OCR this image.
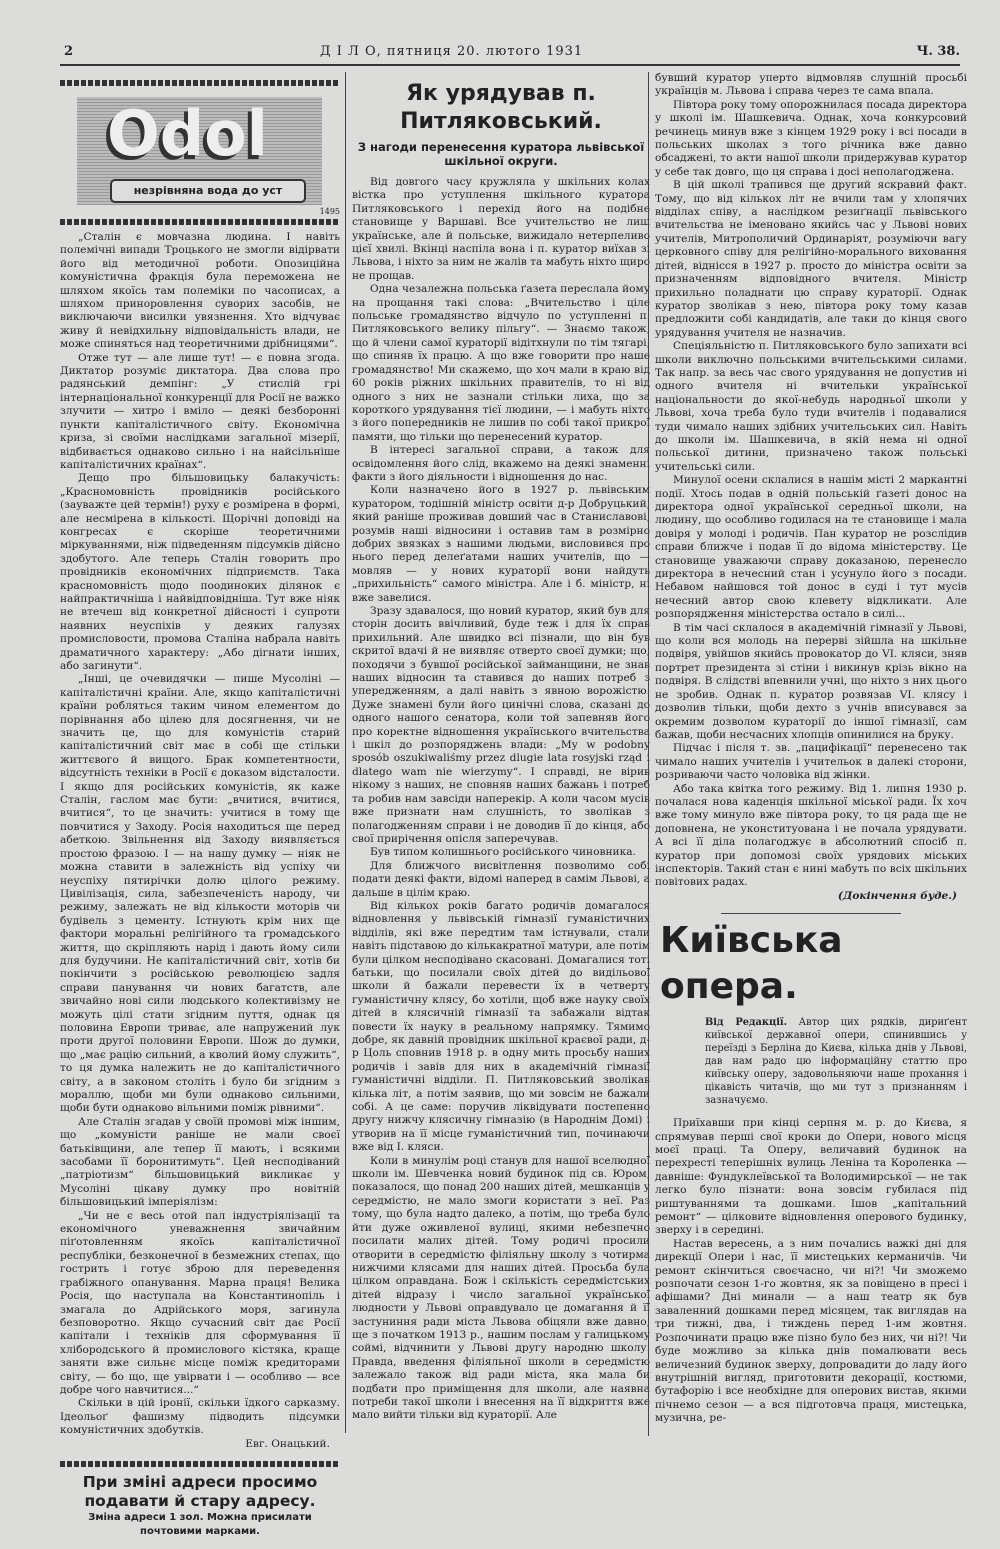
2	Д І Л О, пятниця 20. лютого 1931	Ч. 38.
Odol
незрівняна вода до уст
1495

„Сталін є мовчазна людина. І навіть полемічні випади Троцького не змогли відірвати його від методичної роботи. Опозиційна комуністична фракція була переможена не шляхом якоїсь там полеміки по часописах, а шляхом приноровлення суворих засобів, не виключаючи висилки увязнення. Хто відчуває живу й невідхильну відповідальність влади, не може спиняться над теоретичними дрібницями“.

Отже тут — але лише тут! — є повна згода. Диктатор розуміє диктатора. Два слова про радянський демпінг: „У стислій грі інтернаціональної конкуренції для Росії не важко злучити — хитро і вміло — деякі безборонні пункти капіталістичного світу. Економічна криза, зі своїми наслідками загальної мізерії, відбивається однаково сильно і на найсільніше капіталістичних країнах“.

Дещо про більшовицьку балакучість: „Красномовність провідників російського (зауважте цей термін!) руху є розмірена в формі, але несмірена в кількості. Щорічні доповіді на конгресах є скоріше теоретичними міркуваннями, ніж підведенням підсумків дійсно здобутого. Але теперь Сталін говорить про провідників економічних підприємств. Така красномовність щодо поодиноких ділянок є найпрактичніша і найвідповідніша. Тут вже ніяк не втечеш від конкретної дійсності і супроти наявних неуспіхів у деяких галузях промисловости, промова Сталіна набрала навіть драматичного характеру: „Або дігнати інших, або загинути“.

„Інші, це очевидячки — пише Мусоліні — капіталістичні країни. Але, якщо капіталістичні країни робляться таким чином елементом до порівнання або цілею для досягнення, чи не значить це, що для комуністів старий капіталістичний світ має в собі ще стільки життєвого й вищого. Брак компетентности, відсутність техніки в Росії є доказом відсталости. І якщо для російських комуністів, як каже Сталін, гаслом має бути: „вчитися, вчитися, вчитися“, то це значить: учитися в тому ще повчитися у Заходу. Росія находиться ще перед абеткою. Звільнення від Заходу виявляється простою фразою. І — на нашу думку — ніяк не можна ставити в залежність від успіху чи неуспіху пятирічки долю цілого режиму. Цивілізація, сила, забезпеченість народу, чи режиму, залежать не від кількости моторів чи будівель з цементу. Істнують крім них ще фактори моральні релігійного та громадського життя, що скріпляють нарід і дають йому сили для будучини. Не капіталістичний світ, хотів би покінчити з російською революцією задля справи панування чи нових багатств, але звичайно нові сили людського колективізму не можуть цілі стати згідним пуття, однак ця половина Европи триває, але напружений лук проти другої половини Европи. Шож до думки, що „має рацію сильний, а кволий йому служить“, то ця думка належить не до капіталістичного світу, а в законом століть і було би згідним з мораллю, щоби ми були однаково сильними, щоби бути однаково вільними поміж рівними“.

Але Сталін згадав у своїй промові між іншим, що „комуністи раніше не мали своєї батьківщини, але тепер її мають, і всякими засобами її боронитимуть“. Цей несподіваний „патріотизм“ більшовицький викликає у Мусоліні цікаву думку про новітній більшовицький імперіялізм:

„Чи не є весь отой пал індустріялізації та економічного уневажнення звичайним піґотовленням якоїсь капіталістичної республіки, безконечної в безмежних степах, що гострить і готує зброю для переведення грабіжного опанування. Марна праця! Велика Росія, що наступала на Константинопіль і змагала до Адрійського моря, загинула безповоротно. Якщо сучасний світ дає Росії капітали і техніків для сформування її хлібородського й промислового кістяка, краще заняти вже сильнє місце поміж кредиторами світу, — бо що, ще увірвати і — особливо — все добре чого навчитися...“

Скільки в цій іронії, скільки їдкого сарказму. Ідеольоґ фашизму підводить підсумки комуністичних здобутків.

Евг. Онацький.

При зміні адреси просимо подавати й стару адресу.
Зміна адреси 1 зол. Можна присилати почтовими марками.
Як урядував п. Питляковський.
З нагоди перенесення куратора львівської шкільної округи.

Від довгого часу кружляла у шкільних колах вістка про уступлення шкільного куратора Питляковського і перехід його на подібне становище у Варшаві. Все учительство не лиш українське, але й польське, вижидало нетерпеливо цієї хвилі. Вкінці наспіла вона і п. куратор виїхав зі Львова, і ніхто за ним не жалів та мабуть ніхто щиро не прощав.

Одна чезалежна польська ґазета переслала йому на прощання такі слова: „Вчительство і ціле польське громадянство відчуло по уступленні п. Питляковського велику пільгу“. — Знаємо також, що й члени самої кураторії відітхнули по тім тягарі, що спиняв їх працю. А що вже говорити про наше громадянство! Ми скажемо, що хоч мали в краю від 60 років ріжних шкільних правителів, то ні від одного з них не зазнали стільки лиха, що за короткого урядування тієї людини, — і мабуть ніхто з його попередників не лишив по собі такої прикрої памяти, що тільки що перенесений куратор.

В інтересі загальної справи, а також для освідомлення його слід, вкажемо на деякі знаменні факти з його діяльности і відношення до нас.

Коли назначено його в 1927 р. львівським куратором, тодішній міністр освіти д-р Добруцький, який раніше проживав довший час в Станиславові, розумів наші відносини і оставив там в розмірно добрих звязках з нашими людьми, висловився про нього перед делеґатами наших учителів, що — мовляв — у нових кураторії вони найдуть „прихильність“ самого міністра. Але і б. міністр, ні вже завелися.

Зразу здавалося, що новий куратор, який був для сторін досить ввічливий, буде теж і для їх справ прихильний. Але швидко всі пізнали, що він був скритої вдачі й не виявляє отверто своєї думки; що, походячи з бувшої російської займанщини, не знав наших відносин та ставився до наших потреб з упередженням, а далі навіть з явною ворожістю. Дуже знамені були його цинічні слова, сказані до одного нашого сенатора, коли той запевняв його про коректне відношення українського вчительства і шкіл до розпоряджень влади: „My w podobny sposób oszukiwaliśmy przez dlugie lata rosyjski rząd i dlatego wam nie wierzymy“. І справді, не вірив нікому з наших, не сповняв наших бажань і потреб та робив нам завсіди наперекір. А коли часом мусів вже признати нам слушність, то зволікав з полагодженням справи і не доводив її до кінця, або свої прирічення опісля заперечував.

Був типом колишнього російського чиновника.

Для ближчого висвітлення позволимо собі подати деякі факти, відомі наперед в самім Львові, а дальше в цілім краю.

Від кількох років багато родичів домагалося відновлення у львівській гімназії гуманістичних відділів, які вже передтим там істнували, стали навіть підставою до кількакратної матури, але потім були цілком несподівано скасовані. Домагалися тоті батьки, що посилали своїх дітей до видільової школи й бажали перевести їх в четверту гуманістичну клясу, бо хотіли, щоб вже науку своїх дітей в клясичній гімназії та забажали відтак повести їх науку в реальному напрямку. Тямимо добре, як давній провідник шкільної краєвої ради, д-р Цоль сповнив 1918 р. в одну мить просьбу наших родичів і завів для них в академічній гімназії гуманістичні відділи. П. Питляковський зволікав кілька літ, а потім заявив, що ми зовсім не бажали собі. А це саме: поручив ліквідувати постепенно другу нижчу клясичну гімназію (в Народнім Домі) і утворив на її місце гуманістичний тип, починаючи вже від І. кляси.

Коли в минулім році станув для нашої вселюдної школи ім. Шевченка новий будинок під св. Юром, показалося, що понад 200 наших дітей, мешканців у середмістю, не мало змоги користати з неї. Раз тому, що була надто далеко, а потім, що треба було йти дуже оживленої вулиці, якими небезпечно посилати малих дітей. Тому родичі просили отворити в середмістю філіяльну школу з чотирма нижчими клясами для наших дітей. Просьба була цілком оправдана. Бож і скількість середмістських дітей відразу і число загальної української людности у Львові оправдувало це домагання й її застуниння ради міста Львова обіцяли вже давно, ще з початком 1913 р., нашим послам у галицькому соймі, відчинити у Львові другу народню школу. Правда, введення філіяльної школи в середмістю залежало також від ради міста, яка мала би подбати про приміщення для школи, але наявна потреби такої школи і внесення на її відкриття вже мало вийти тільки від кураторії. Але

бувший куратор уперто відмовляв слушній просьбі українців м. Львова і справа через те сама впала.

Півтора року тому опорожнилася посада директора у школі ім. Шашкевича. Однак, хоча конкурсовий речинець минув вже з кінцем 1929 року і всі посади в польських школах з того річника вже давно обсаджені, то акти нашої школи придержував куратор у себе так довго, що ця справа і досі неполагоджена.

В цій школі трапився ще другий яскравий факт. Тому, що від кількох літ не вчили там у хлопячих відділах співу, а наслідком резиґнації львівського вчительства не іменовано якийсь час у Львові нових учителів, Митрополичий Ординаріят, розуміючи вагу церковного співу для релігійно-морального виховання дітей, віднісся в 1927 р. просто до міністра освіти за призначенням відповідного вчителя. Міністр прихильно поладнати цю справу кураторії. Однак куратор зволікав з нею, півтора року тому казав предложити собі кандидатів, але таки до кінця свого урядування учителя не назначив.

Спеціяльністю п. Питляковського було запихати всі школи виключно польськими вчительськими силами. Так напр. за весь час свого урядування не допустив ні одного вчителя ні вчительки української національности до якої-небудь народньої школи у Львові, хоча треба було туди вчителів і подавалися туди чимало наших здібних учительських сил. Навіть до школи ім. Шашкевича, в якій нема ні одної польської дитини, призначено також польські учительські сили.

Минулої осени склалися в нашім місті 2 маркантні події. Хтось подав в одній польській ґазеті донос на директора одної української середньої школи, на людину, що особливо годилася на те становище і мала довіря у молоді і родичів. Пан куратор не розслідив справи ближче і подав її до відома міністерству. Це становище уважаючи справу доказаною, перенесло директора в нечесний стан і усунуло його з посади. Небавом найшовся той донос в суді і тут мусів нечесний автор свою клевету відкликати. Але розпорядження міністерства остало в силі...

В тім часі склалося в академічній гімназії у Львові, що коли вся молодь на перерві зійшла на шкільне подвіря, увійшов якийсь провокатор до VI. кляси, зняв портрет президента зі стіни і викинув крізь вікно на подвіря. В слідстві впевнили учні, що ніхто з них цього не зробив. Однак п. куратор розвязав VI. клясу і дозволив тільки, щоби дехто з учнів вписувався за окремим дозволом кураторії до іншої гімназії, сам бажав, щоби несчасних хлопців опинилися на бруку.

Підчас і після т. зв. „пацифікації“ перенесено так чимало наших учителів і учительок в далекі сторони, розриваючи часто чоловіка від жінки.

Або така квітка того режиму. Від 1. липня 1930 р. почалася нова каденція шкільної міської ради. Їх хоч вже тому минуло вже півтора року, то ця рада ще не доповнена, не уконституована і не почала урядувати. А всі її діла полагоджує в абсолютний спосіб п. куратор при допомозі своїх урядових міських інспекторів. Такий стан є нині мабуть по всіх шкільних повітових радах.

(Докінчення буде.)

Київська опера.
Від Редакції. Автор цих рядків, дириґент київської державної опери, спинившись у переїзді з Берліна до Києва, кілька днів у Львові, дав нам радо цю інформаційну статтю про київську оперу, задовольняючи наше прохання і цікавість читачів, що ми тут з признанням і зазначуємо.

Приїхавши при кінці серпня м. р. до Києва, я спрямував перші свої кроки до Опери, нового місця моєї праці. Та Оперу, величавий будинок на перехресті теперішніх вулиць Леніна та Короленка — давніше: Фундуклеївської та Володимирської — не так легко було пізнати: вона зовсім губилася під риштуваннями та дошками. Ішов „капітальний ремонт“ — цілковите відновлення оперового будинку, зверху і в середині.

Настав вересень, а з ним почались важкі дні для дирекції Опери і нас, її мистецьких керманичів. Чи ремонт скінчиться своєчасно, чи ні?! Чи зможемо розпочати сезон 1-го жовтня, як за повіщено в пресі і афішами? Дні минали — а наш театр як був заваленний дошками перед місяцем, так виглядав на три тижні, два, і тиждень перед 1-им жовтня. Розпочинати працю вже пізно було без них, чи ні?! Чи буде можливо за кілька днів помалювати весь величезний будинок зверху, допровадити до ладу його внутрішній вигляд, приготовити декорації, костюми, бутафорію і все необхідне для оперових вистав, якими пічнемо сезон — а вся підготовча праця, мистецька, музична, ре-
